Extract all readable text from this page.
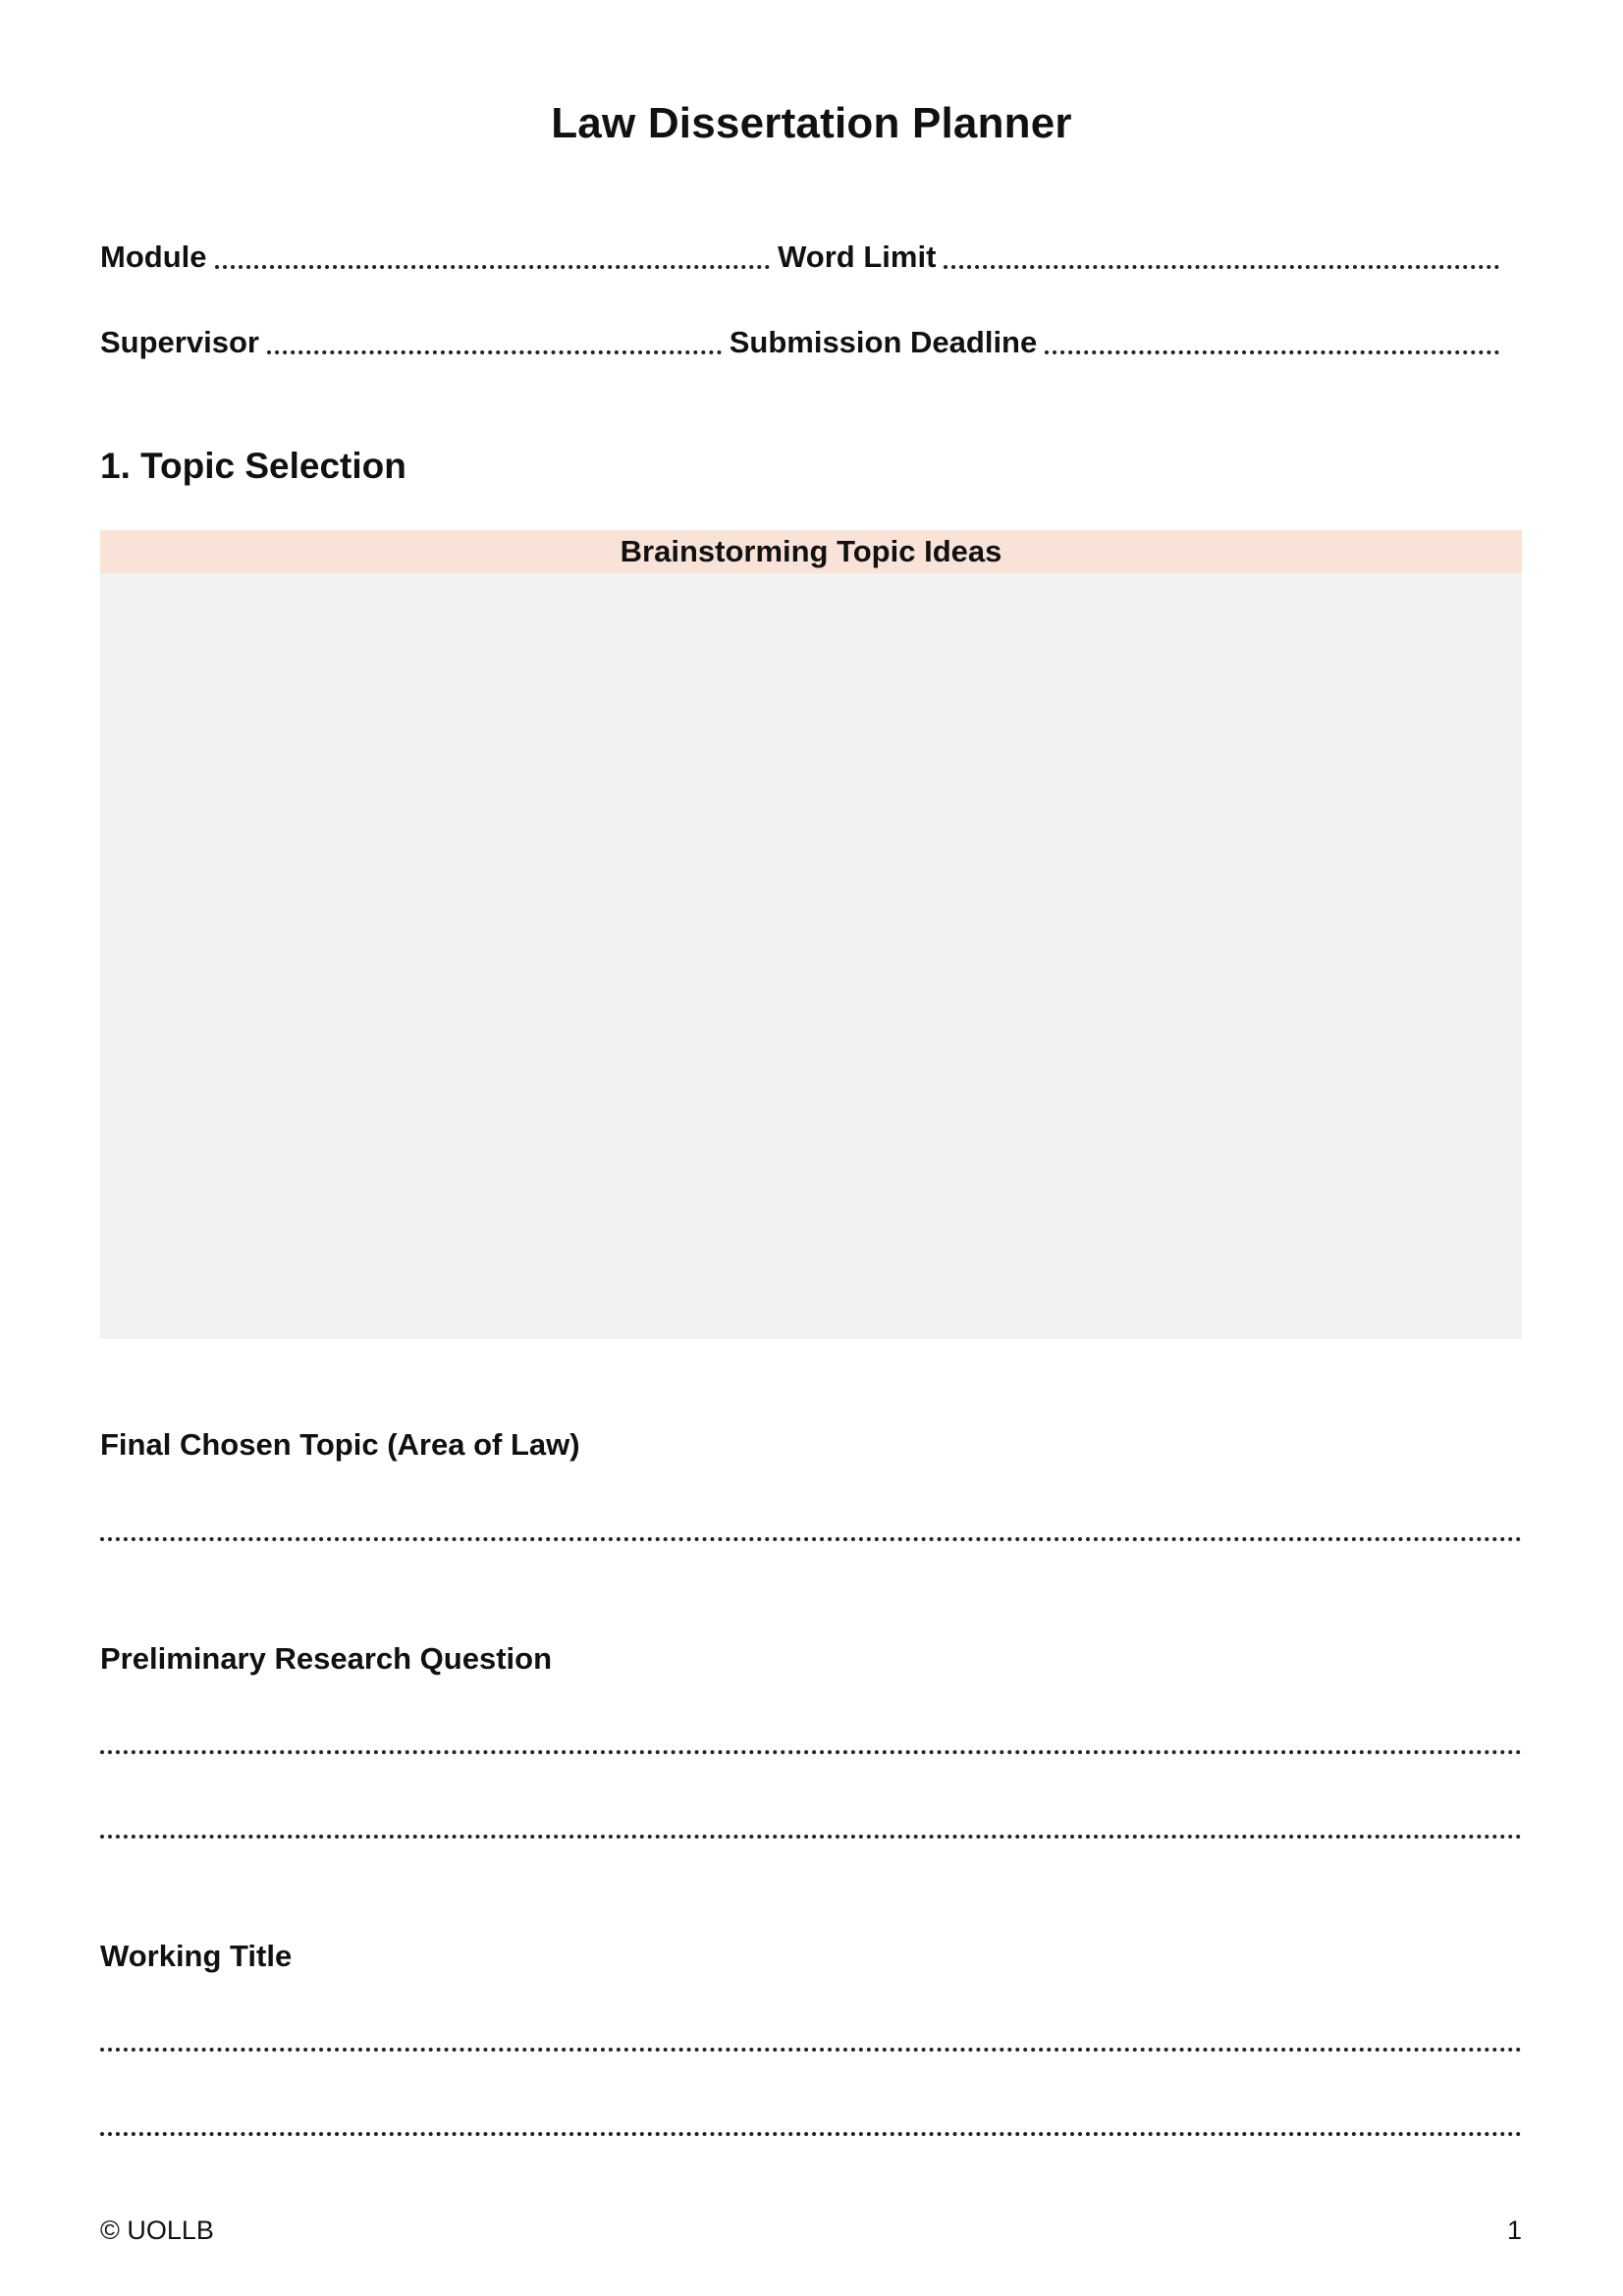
Law Dissertation Planner
Module	Word Limit
Supervisor	Submission Deadline
1. Topic Selection
Brainstorming Topic Ideas
Final Chosen Topic (Area of Law)
Preliminary Research Question
Working Title
© UOLLB	1
